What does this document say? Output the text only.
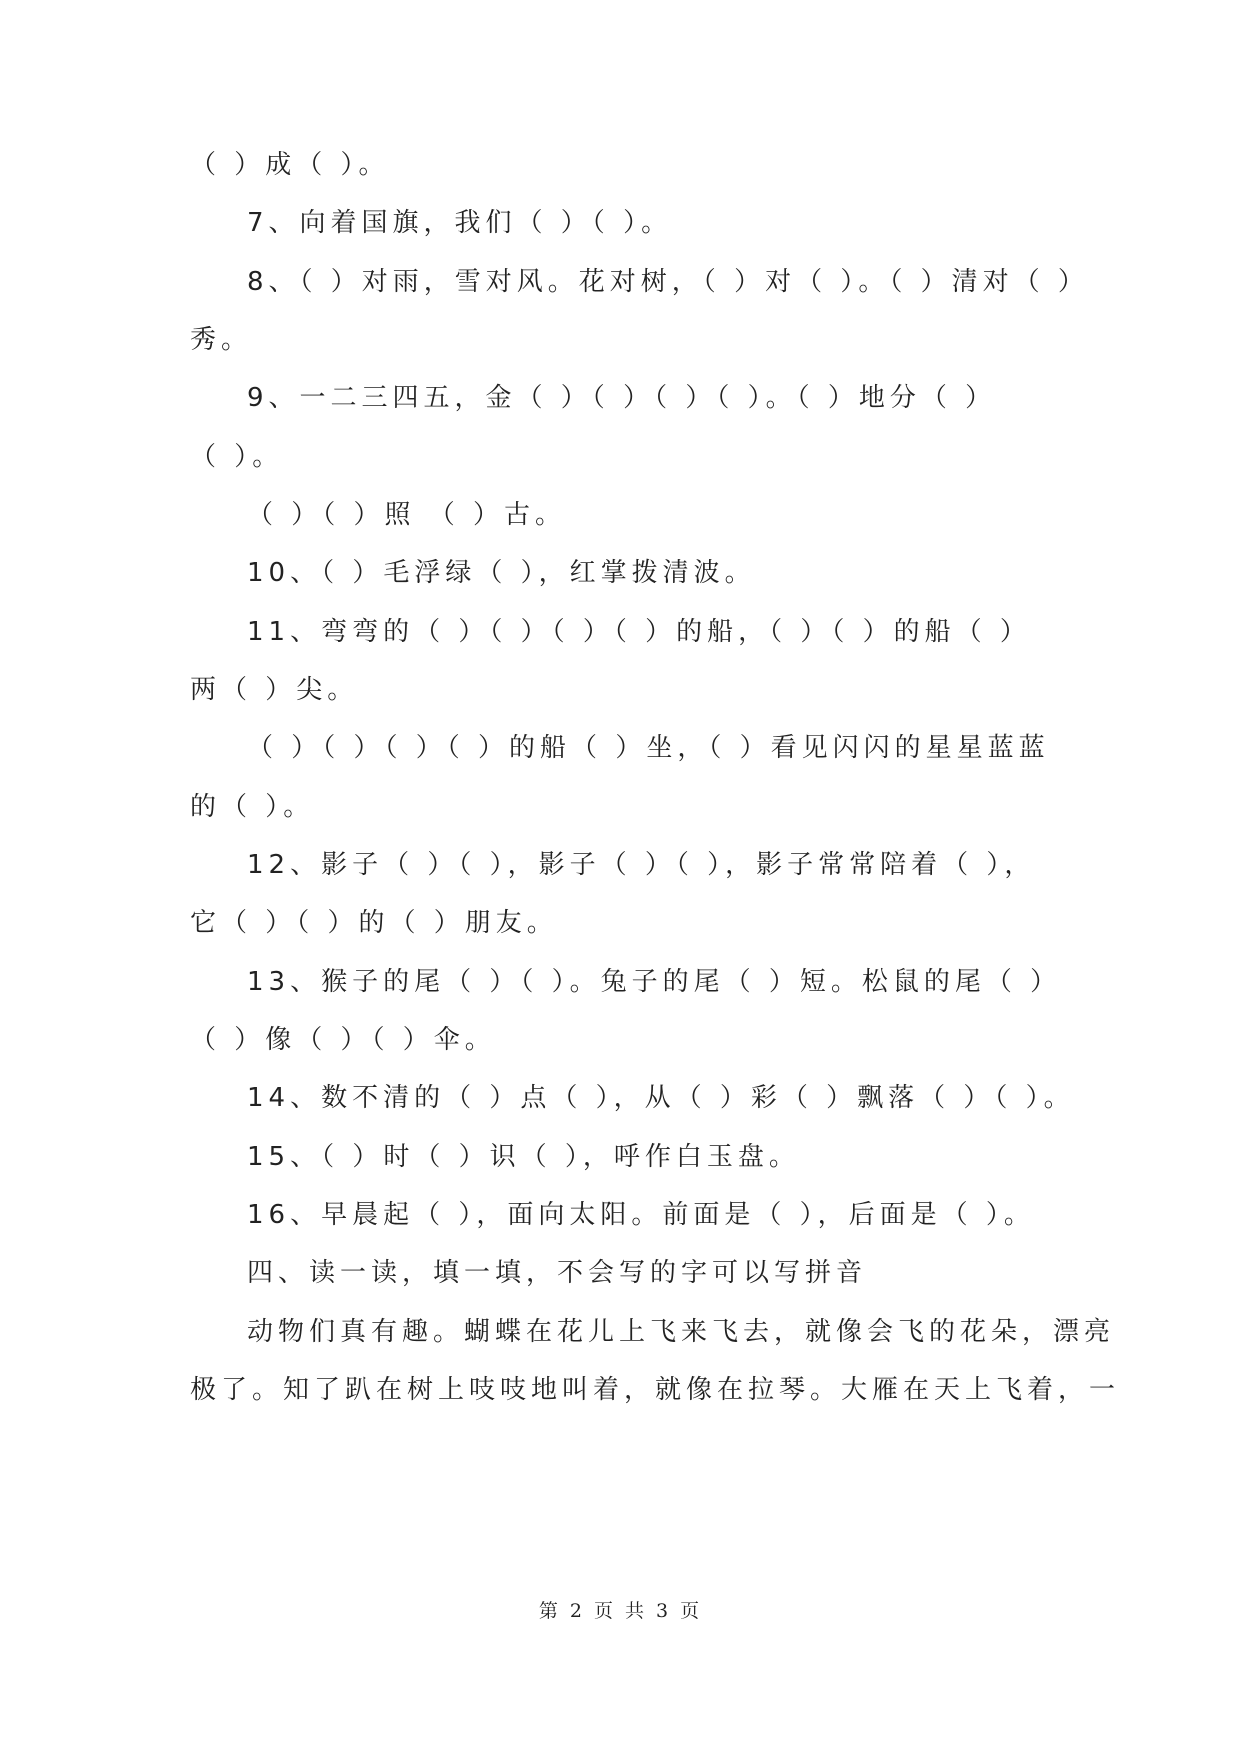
（ ）成（ ）。
7、向着国旗，我们（ ）（ ）。
8、（ ）对雨，雪对风。花对树，（ ）对（ ）。（ ）清对（ ）
秀。
9、一二三四五，金（ ）（ ）（ ）（ ）。（ ）地分（ ）
（ ）。
（ ）（ ）照 （ ）古。
10、（ ）毛浮绿（ ），红掌拨清波。
11、弯弯的（ ）（ ）（ ）（ ）的船，（ ）（ ）的船（ ）
两（ ）尖。
（ ）（ ）（ ）（ ）的船（ ）坐，（ ）看见闪闪的星星蓝蓝
的（ ）。
12、影子（ ）（ ），影子（ ）（ ），影子常常陪着（ ），
它（ ）（ ）的（ ）朋友。
13、猴子的尾（ ）（ ）。兔子的尾（ ）短。松鼠的尾（ ）
（ ）像（ ）（ ）伞。
14、数不清的（ ）点（ ），从（ ）彩（ ）飘落（ ）（ ）。
15、（ ）时（ ）识（ ），呼作白玉盘。
16、早晨起（ ），面向太阳。前面是（ ），后面是（ ）。
四、读一读，填一填，不会写的字可以写拼音
动物们真有趣。蝴蝶在花儿上飞来飞去，就像会飞的花朵，漂亮
极了。知了趴在树上吱吱地叫着，就像在拉琴。大雁在天上飞着，一
第 2 页 共 3 页
